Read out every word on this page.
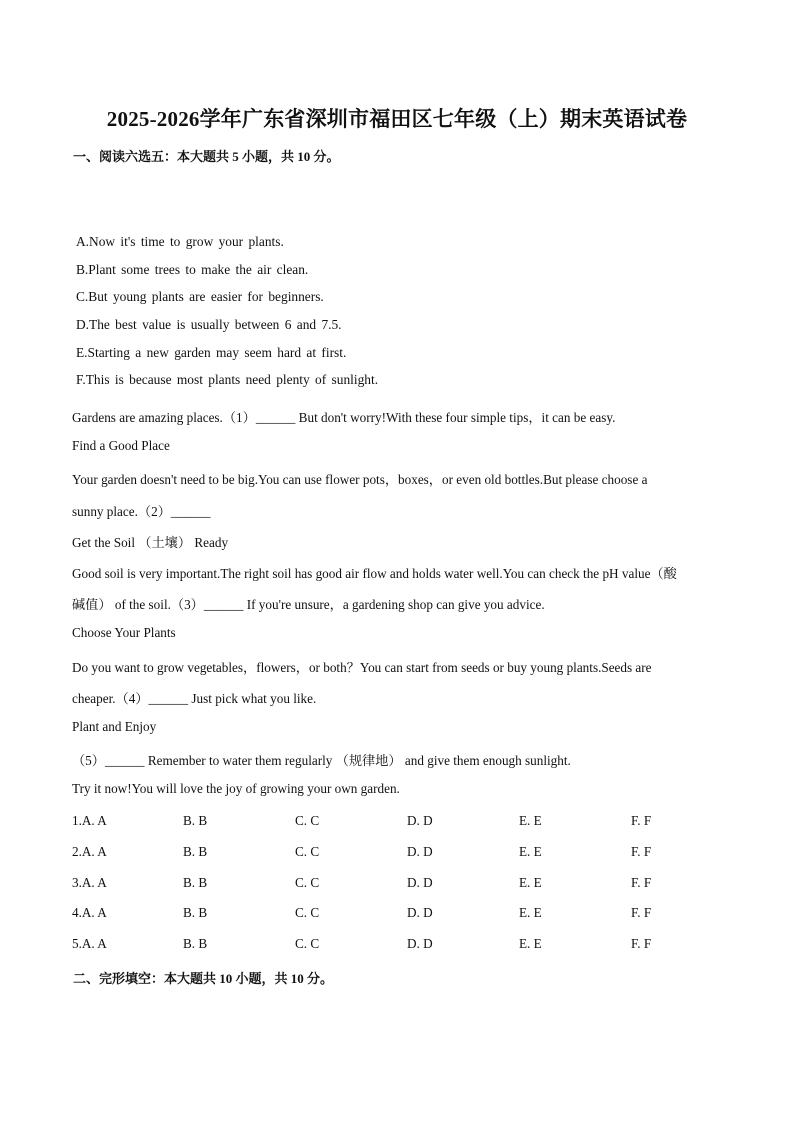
2025-2026学年广东省深圳市福田区七年级（上）期末英语试卷
一、阅读六选五：本大题共 5 小题，共 10 分。
A.Now it's time to grow your plants.
B.Plant some trees to make the air clean.
C.But young plants are easier for beginners.
D.The best value is usually between 6 and 7.5.
E.Starting a new garden may seem hard at first.
F.This is because most plants need plenty of sunlight.
Gardens are amazing places.（1）______ But don't worry!With these four simple tips，it can be easy.
Find a Good Place
Your garden doesn't need to be big.You can use flower pots，boxes，or even old bottles.But please choose a
sunny place.（2）______
Get the Soil （土壤） Ready
Good soil is very important.The right soil has good air flow and holds water well.You can check the pH value（酸
碱值） of the soil.（3）______ If you're unsure，a gardening shop can give you advice.
Choose Your Plants
Do you want to grow vegetables，flowers，or both？You can start from seeds or buy young plants.Seeds are
cheaper.（4）______ Just pick what you like.
Plant and Enjoy
（5）______ Remember to water them regularly （规律地） and give them enough sunlight.
Try it now!You will love the joy of growing your own garden.
1.A. A	B. B	C. C	D. D	E. E	F. F
2.A. A	B. B	C. C	D. D	E. E	F. F
3.A. A	B. B	C. C	D. D	E. E	F. F
4.A. A	B. B	C. C	D. D	E. E	F. F
5.A. A	B. B	C. C	D. D	E. E	F. F
二、完形填空：本大题共 10 小题，共 10 分。
